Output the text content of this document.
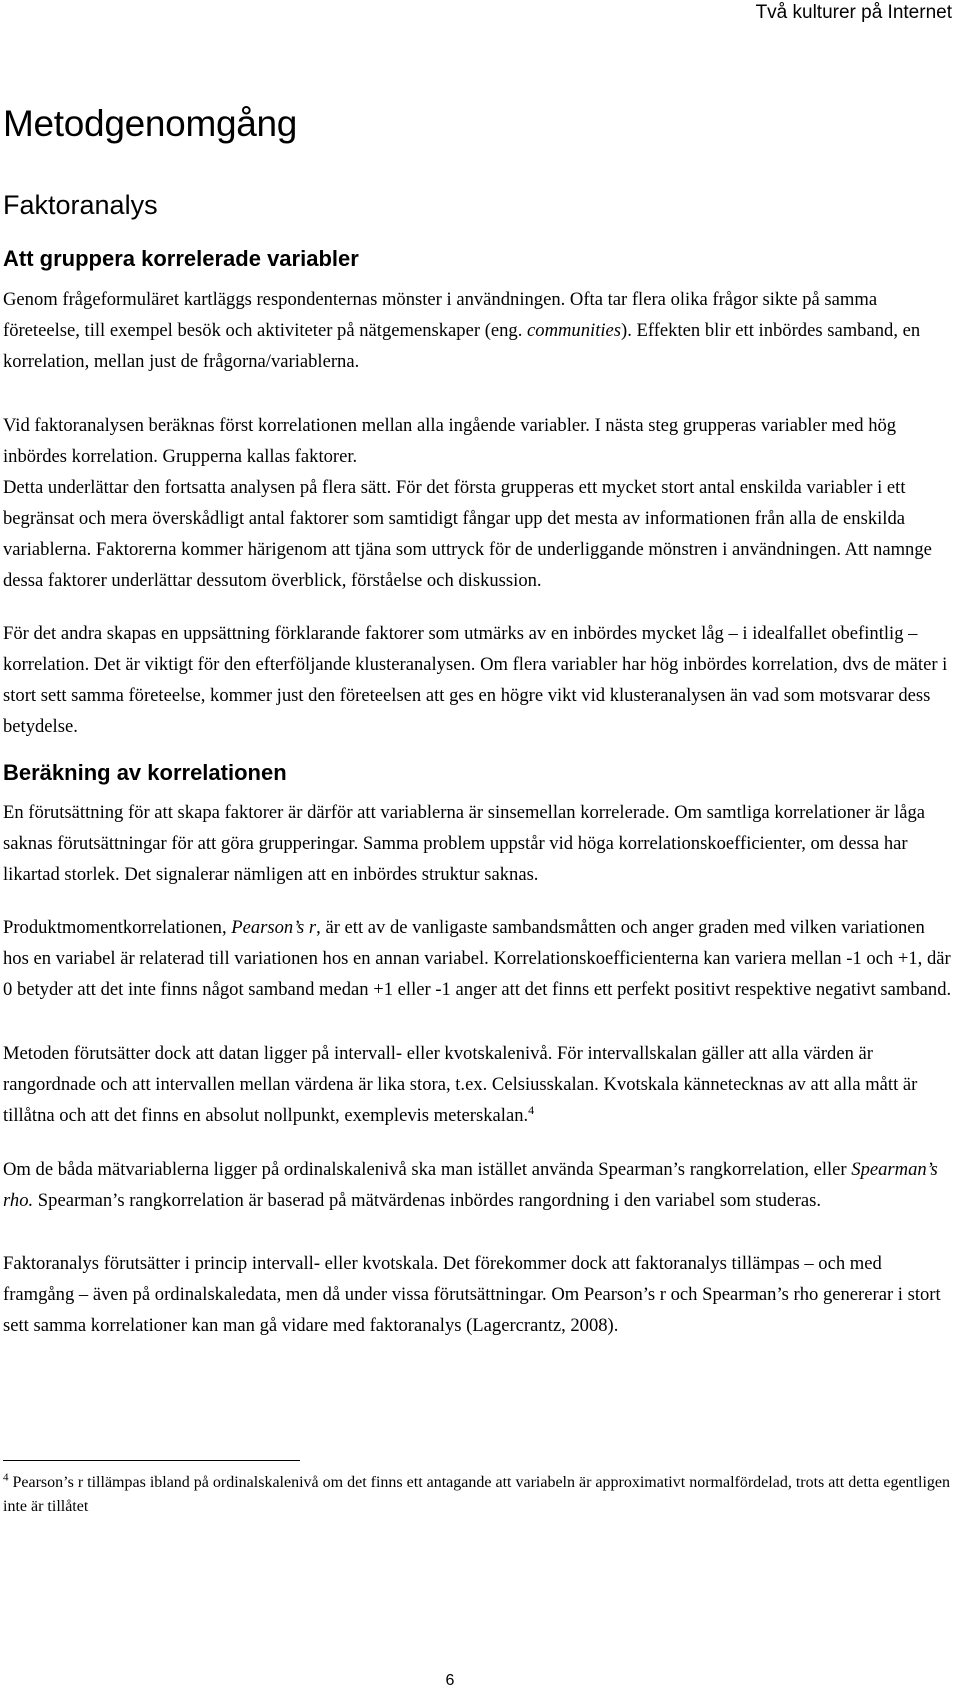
Två kulturer på Internet
Metodgenomgång
Faktoranalys
Att gruppera korrelerade variabler

Genom frågeformuläret kartläggs respondenternas mönster i användningen. Ofta tar flera olika frågor sikte på samma företeelse, till exempel besök och aktiviteter på nätgemenskaper (eng. communities). Effekten blir ett inbördes samband, en korrelation, mellan just de frågorna/variablerna.

Vid faktoranalysen beräknas först korrelationen mellan alla ingående variabler. I nästa steg grupperas variabler med hög inbördes korrelation. Grupperna kallas faktorer.

Detta underlättar den fortsatta analysen på flera sätt. För det första grupperas ett mycket stort antal enskilda variabler i ett begränsat och mera överskådligt antal faktorer som samtidigt fångar upp det mesta av informationen från alla de enskilda variablerna. Faktorerna kommer härigenom att tjäna som uttryck för de underliggande mönstren i användningen. Att namnge dessa faktorer underlättar dessutom överblick, förståelse och diskussion.

För det andra skapas en uppsättning förklarande faktorer som utmärks av en inbördes mycket låg – i idealfallet obefintlig – korrelation. Det är viktigt för den efterföljande klusteranalysen. Om flera variabler har hög inbördes korrelation, dvs de mäter i stort sett samma företeelse, kommer just den företeelsen att ges en högre vikt vid klusteranalysen än vad som motsvarar dess betydelse.

Beräkning av korrelationen

En förutsättning för att skapa faktorer är därför att variablerna är sinsemellan korrelerade. Om samtliga korrelationer är låga saknas förutsättningar för att göra grupperingar. Samma problem uppstår vid höga korrelationskoefficienter, om dessa har likartad storlek. Det signalerar nämligen att en inbördes struktur saknas.

Produktmomentkorrelationen, Pearson’s r, är ett av de vanligaste sambandsmåtten och anger graden med vilken variationen hos en variabel är relaterad till variationen hos en annan variabel. Korrelationskoefficienterna kan variera mellan -1 och +1, där 0 betyder att det inte finns något samband medan +1 eller -1 anger att det finns ett perfekt positivt respektive negativt samband.

Metoden förutsätter dock att datan ligger på intervall- eller kvotskalenivå. För intervallskalan gäller att alla värden är rangordnade och att intervallen mellan värdena är lika stora, t.ex. Celsiusskalan. Kvotskala kännetecknas av att alla mått är tillåtna och att det finns en absolut nollpunkt, exemplevis meterskalan.$^4$

Om de båda mätvariablerna ligger på ordinalskalenivå ska man istället använda Spearman’s rangkorrelation, eller Spearman’s rho. Spearman’s rangkorrelation är baserad på mätvärdenas inbördes rangordning i den variabel som studeras.

Faktoranalys förutsätter i princip intervall- eller kvotskala. Det förekommer dock att faktoranalys tillämpas – och med framgång – även på ordinalskaledata, men då under vissa förutsättningar. Om Pearson’s r och Spearman’s rho genererar i stort sett samma korrelationer kan man gå vidare med faktoranalys (Lagercrantz, 2008).

$^4$ Pearson’s r tillämpas ibland på ordinalskalenivå om det finns ett antagande att variabeln är approximativt normalfördelad, trots att detta egentligen inte är tillåtet
6
